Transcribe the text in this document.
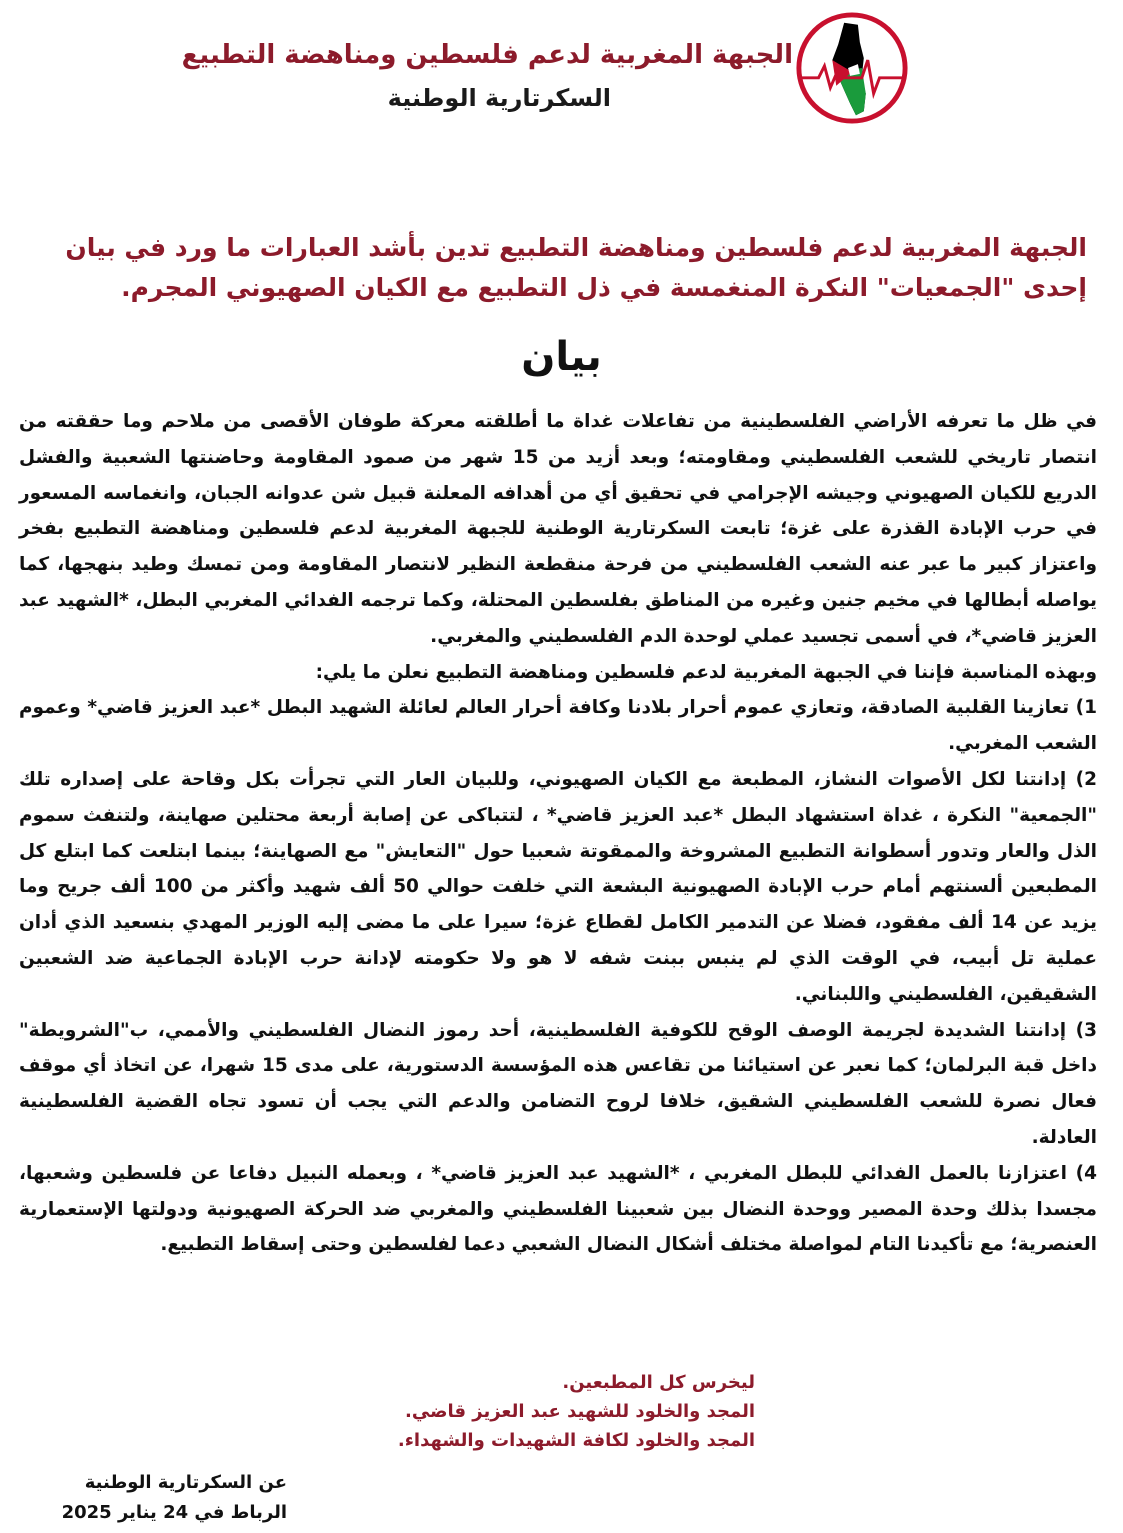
الجبهة المغربية لدعم فلسطين ومناهضة التطبيع
السكرتارية الوطنية
الجبهة المغربية لدعم فلسطين ومناهضة التطبيع تدين بأشد العبارات ما ورد في بيان
إحدى "الجمعيات" النكرة المنغمسة في ذل التطبيع مع الكيان الصهيوني المجرم.
بيان

في ظل ما تعرفه الأراضي الفلسطينية من تفاعلات غداة ما أطلقته معركة طوفان الأقصى من ملاحم وما حققته من انتصار تاريخي للشعب الفلسطيني ومقاومته؛ وبعد أزيد من 15 شهر من صمود المقاومة وحاضنتها الشعبية والفشل الدريع للكيان الصهيوني وجيشه الإجرامي في تحقيق أي من أهدافه المعلنة قبيل شن عدوانه الجبان، وانغماسه المسعور في حرب الإبادة القذرة على غزة؛ تابعت السكرتارية الوطنية للجبهة المغربية لدعم فلسطين ومناهضة التطبيع بفخر واعتزاز كبير ما عبر عنه الشعب الفلسطيني من فرحة منقطعة النظير لانتصار المقاومة ومن تمسك وطيد بنهجها، كما يواصله أبطالها في مخيم جنين وغيره من المناطق بفلسطين المحتلة، وكما ترجمه الفدائي المغربي البطل، *الشهيد عبد العزيز قاضي*، في أسمى تجسيد عملي لوحدة الدم الفلسطيني والمغربي.

وبهذه المناسبة فإننا في الجبهة المغربية لدعم فلسطين ومناهضة التطبيع نعلن ما يلي:

1) تعازينا القلبية الصادقة، وتعازي عموم أحرار بلادنا وكافة أحرار العالم لعائلة الشهيد البطل *عبد العزيز قاضي* وعموم الشعب المغربي.

2) إدانتنا لكل الأصوات النشاز، المطبعة مع الكيان الصهيوني، وللبيان العار التي تجرأت بكل وقاحة على إصداره تلك "الجمعية" النكرة ، غداة استشهاد البطل *عبد العزيز قاضي* ، لتتباكى عن إصابة أربعة محتلين صهاينة، ولتنفث سموم الذل والعار وتدور أسطوانة التطبيع المشروخة والممقوتة شعبيا حول "التعايش" مع الصهاينة؛ بينما ابتلعت كما ابتلع كل المطبعين ألسنتهم أمام حرب الإبادة الصهيونية البشعة التي خلفت حوالي 50 ألف شهيد وأكثر من 100 ألف جريح وما يزيد عن 14 ألف مفقود، فضلا عن التدمير الكامل لقطاع غزة؛ سيرا على ما مضى إليه الوزير المهدي بنسعيد الذي أدان عملية تل أبيب، في الوقت الذي لم ينبس ببنت شفه لا هو ولا حكومته لإدانة حرب الإبادة الجماعية ضد الشعبين الشقيقين، الفلسطيني واللبناني.

3) إدانتنا الشديدة لجريمة الوصف الوقح للكوفية الفلسطينية، أحد رموز النضال الفلسطيني والأممي، ب"الشرويطة" داخل قبة البرلمان؛ كما نعبر عن استيائنا من تقاعس هذه المؤسسة الدستورية، على مدى 15 شهرا، عن اتخاذ أي موقف فعال نصرة للشعب الفلسطيني الشقيق، خلافا لروح التضامن والدعم التي يجب أن تسود تجاه القضية الفلسطينية العادلة.

4) اعتزازنا بالعمل الفدائي للبطل المغربي ، *الشهيد عبد العزيز قاضي* ، وبعمله النبيل دفاعا عن فلسطين وشعبها، مجسدا بذلك وحدة المصير ووحدة النضال بين شعبينا الفلسطيني والمغربي ضد الحركة الصهيونية ودولتها الإستعمارية العنصرية؛ مع تأكيدنا التام لمواصلة مختلف أشكال النضال الشعبي دعما لفلسطين وحتى إسقاط التطبيع.

ليخرس كل المطبعين.
المجد والخلود للشهيد عبد العزيز قاضي.
المجد والخلود لكافة الشهيدات والشهداء.
عن السكرتارية الوطنية
الرباط في 24 يناير 2025
